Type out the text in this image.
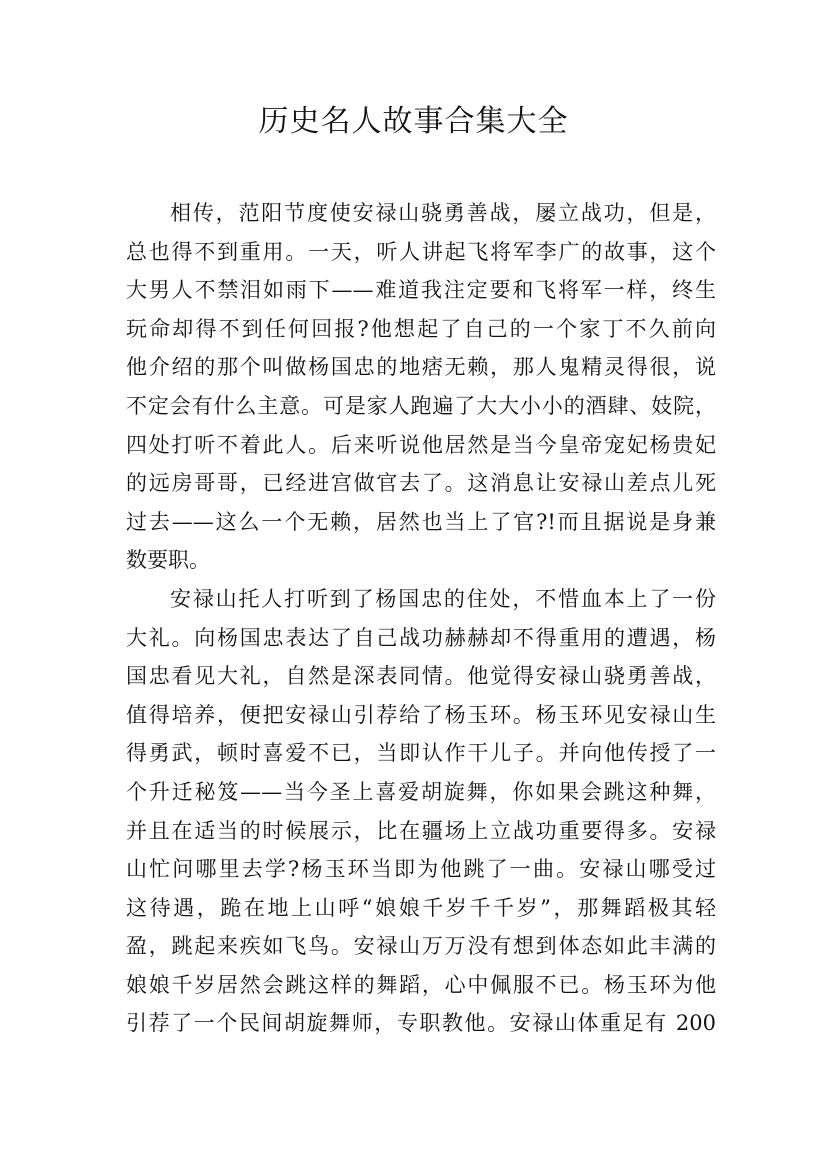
历史名人故事合集大全
相传，范阳节度使安禄山骁勇善战，屡立战功，但是，
总也得不到重用。一天，听人讲起飞将军李广的故事，这个
大男人不禁泪如雨下——难道我注定要和飞将军一样，终生
玩命却得不到任何回报?他想起了自己的一个家丁不久前向
他介绍的那个叫做杨国忠的地痞无赖，那人鬼精灵得很，说
不定会有什么主意。可是家人跑遍了大大小小的酒肆、妓院，
四处打听不着此人。后来听说他居然是当今皇帝宠妃杨贵妃
的远房哥哥，已经进宫做官去了。这消息让安禄山差点儿死
过去——这么一个无赖，居然也当上了官?!而且据说是身兼
数要职。
安禄山托人打听到了杨国忠的住处，不惜血本上了一份
大礼。向杨国忠表达了自己战功赫赫却不得重用的遭遇，杨
国忠看见大礼，自然是深表同情。他觉得安禄山骁勇善战，
值得培养，便把安禄山引荐给了杨玉环。杨玉环见安禄山生
得勇武，顿时喜爱不已，当即认作干儿子。并向他传授了一
个升迁秘笈——当今圣上喜爱胡旋舞，你如果会跳这种舞，
并且在适当的时候展示，比在疆场上立战功重要得多。安禄
山忙问哪里去学?杨玉环当即为他跳了一曲。安禄山哪受过
这待遇，跪在地上山呼“娘娘千岁千千岁”，那舞蹈极其轻
盈，跳起来疾如飞鸟。安禄山万万没有想到体态如此丰满的
娘娘千岁居然会跳这样的舞蹈，心中佩服不已。杨玉环为他
引荐了一个民间胡旋舞师，专职教他。安禄山体重足有 200
